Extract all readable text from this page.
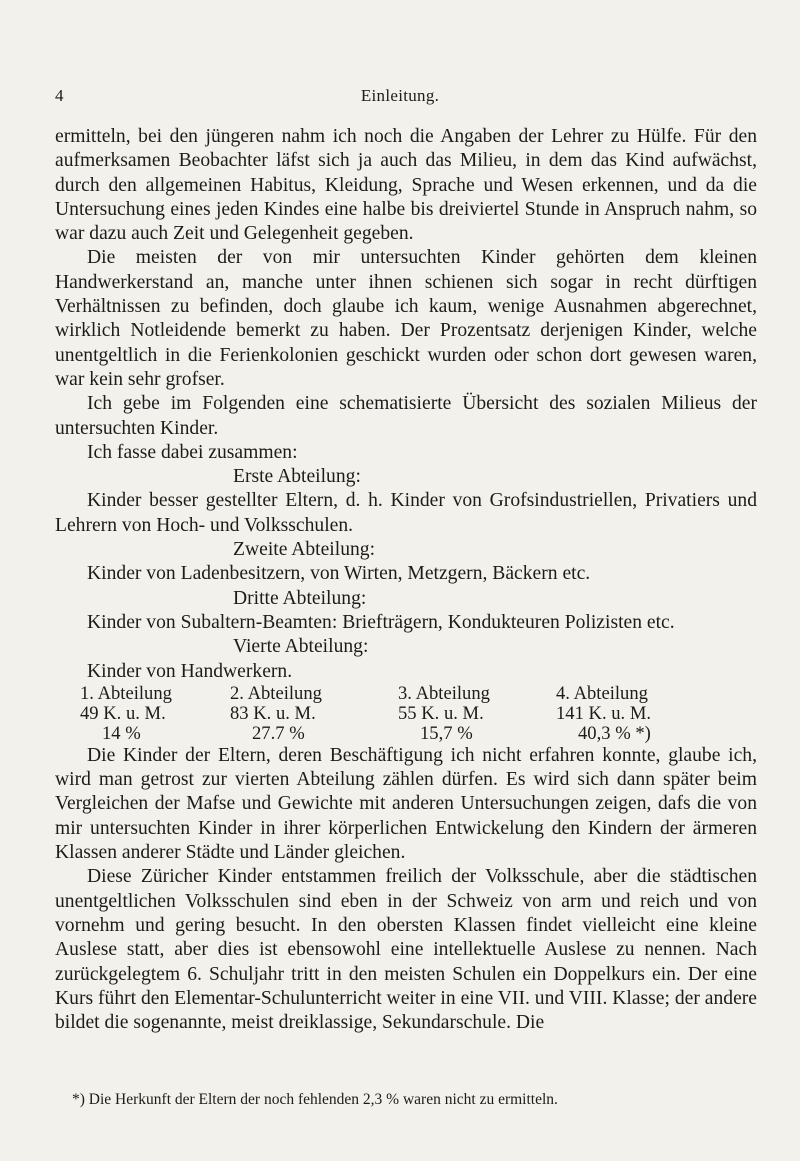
4	Einleitung.

ermitteln, bei den jüngeren nahm ich noch die Angaben der Lehrer zu Hülfe. Für den aufmerksamen Beobachter läfst sich ja auch das Milieu, in dem das Kind aufwächst, durch den allgemeinen Habitus, Kleidung, Sprache und Wesen erkennen, und da die Untersuchung eines jeden Kindes eine halbe bis dreiviertel Stunde in Anspruch nahm, so war dazu auch Zeit und Gelegenheit gegeben.

Die meisten der von mir untersuchten Kinder gehörten dem kleinen Handwerkerstand an, manche unter ihnen schienen sich sogar in recht dürftigen Verhältnissen zu befinden, doch glaube ich kaum, wenige Ausnahmen abgerechnet, wirklich Notleidende bemerkt zu haben. Der Prozentsatz derjenigen Kinder, welche unentgeltlich in die Ferienkolonien geschickt wurden oder schon dort gewesen waren, war kein sehr grofser.

Ich gebe im Folgenden eine schematisierte Übersicht des sozialen Milieus der untersuchten Kinder.

Ich fasse dabei zusammen:

Erste Abteilung:

Kinder besser gestellter Eltern, d. h. Kinder von Grofsindustriellen, Privatiers und Lehrern von Hoch- und Volksschulen.

Zweite Abteilung:

Kinder von Ladenbesitzern, von Wirten, Metzgern, Bäckern etc.

Dritte Abteilung:

Kinder von Subaltern-Beamten: Briefträgern, Kondukteuren Polizisten etc.

Vierte Abteilung:

Kinder von Handwerkern.

1. Abteilung	2. Abteilung	3. Abteilung	4. Abteilung
49 K. u. M.	83 K. u. M.	55 K. u. M.	141 K. u. M.
14 %	27.7 %	15,7 %	40,3 % *)

Die Kinder der Eltern, deren Beschäftigung ich nicht erfahren konnte, glaube ich, wird man getrost zur vierten Abteilung zählen dürfen. Es wird sich dann später beim Vergleichen der Mafse und Gewichte mit anderen Untersuchungen zeigen, dafs die von mir untersuchten Kinder in ihrer körperlichen Entwickelung den Kindern der ärmeren Klassen anderer Städte und Länder gleichen.

Diese Züricher Kinder entstammen freilich der Volksschule, aber die städtischen unentgeltlichen Volksschulen sind eben in der Schweiz von arm und reich und von vornehm und gering besucht. In den obersten Klassen findet vielleicht eine kleine Auslese statt, aber dies ist ebensowohl eine intellektuelle Auslese zu nennen. Nach zurückgelegtem 6. Schuljahr tritt in den meisten Schulen ein Doppelkurs ein. Der eine Kurs führt den Elementar-Schulunterricht weiter in eine VII. und VIII. Klasse; der andere bildet die sogenannte, meist dreiklassige, Sekundarschule. Die

*) Die Herkunft der Eltern der noch fehlenden 2,3 % waren nicht zu ermitteln.
